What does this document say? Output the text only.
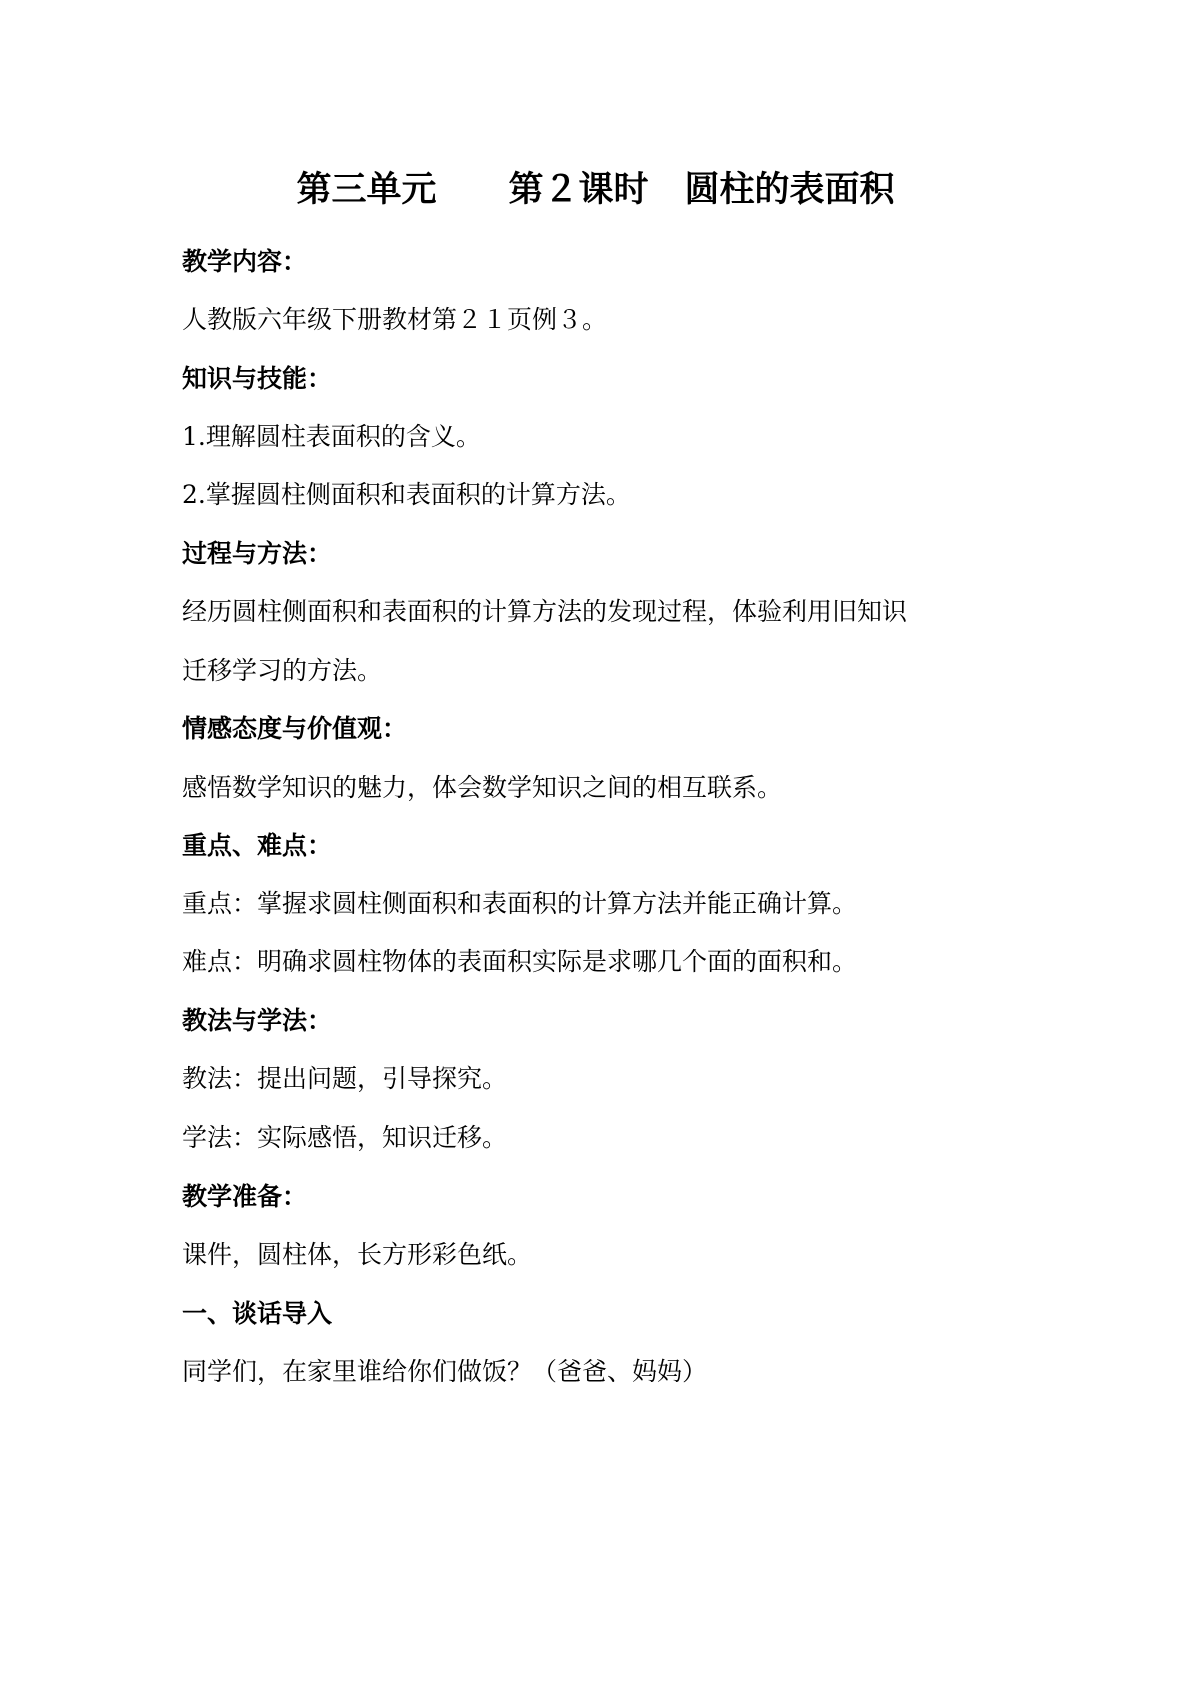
第三单元 第２课时 圆柱的表面积
教学内容：
人教版六年级下册教材第２１页例３。
知识与技能：
1.理解圆柱表面积的含义。
2.掌握圆柱侧面积和表面积的计算方法。
过程与方法：
经历圆柱侧面积和表面积的计算方法的发现过程，体验利用旧知识
迁移学习的方法。
情感态度与价值观：
感悟数学知识的魅力，体会数学知识之间的相互联系。
重点、难点：
重点：掌握求圆柱侧面积和表面积的计算方法并能正确计算。
难点：明确求圆柱物体的表面积实际是求哪几个面的面积和。
教法与学法：
教法：提出问题，引导探究。
学法：实际感悟，知识迁移。
教学准备：
课件，圆柱体，长方形彩色纸。
一、谈话导入
同学们，在家里谁给你们做饭？（爸爸、妈妈）
